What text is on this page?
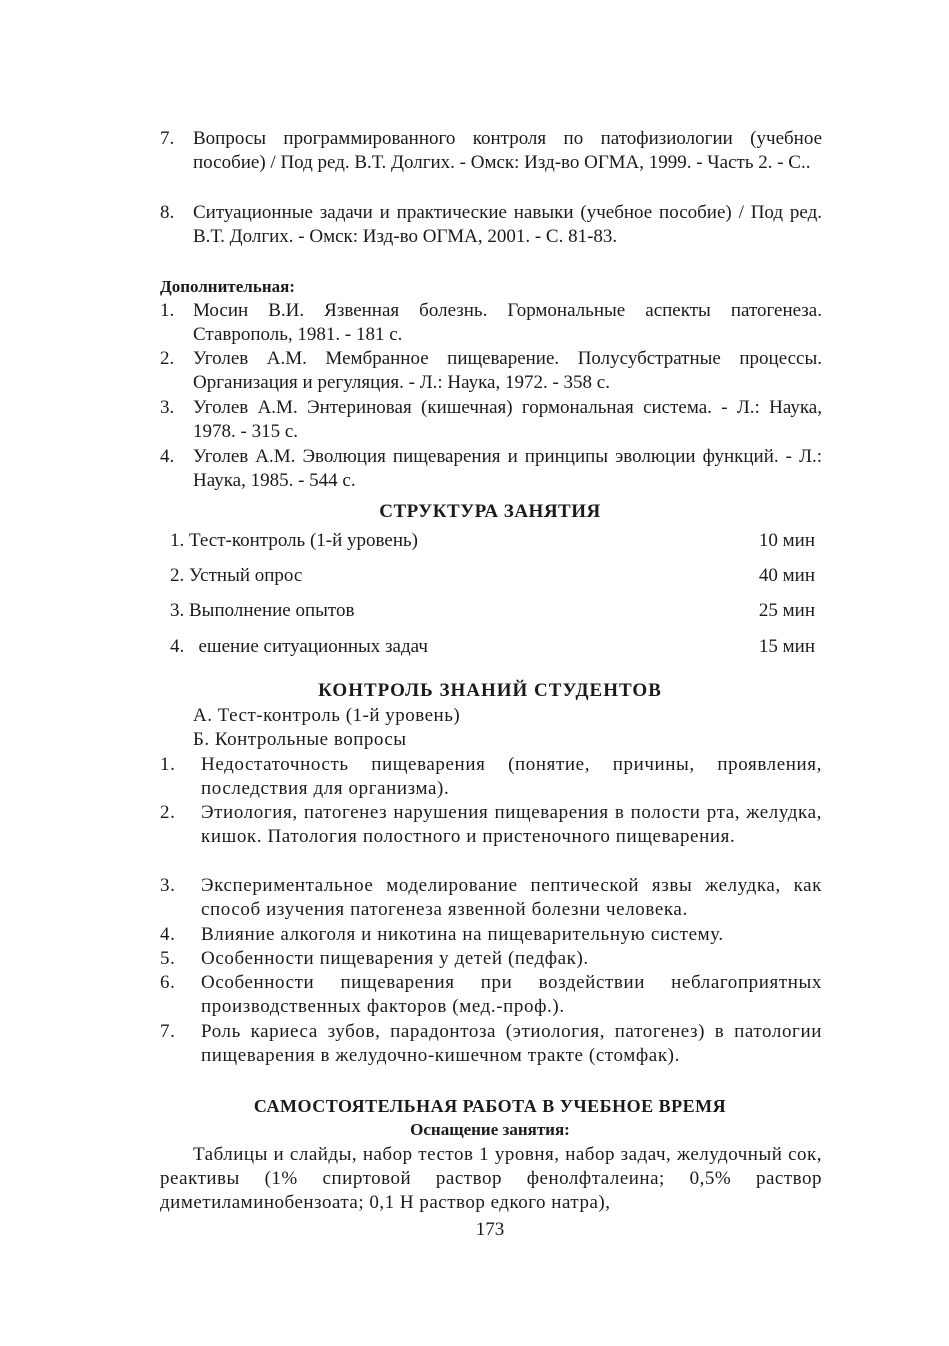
7. Вопросы программированного контроля по патофизиологии (учебное пособие) / Под ред. В.Т. Долгих. - Омск: Изд-во ОГМА, 1999. - Часть 2. - С..
8. Ситуационные задачи и практические навыки (учебное пособие) / Под ред. В.Т. Долгих. - Омск: Изд-во ОГМА, 2001. - С. 81-83.
Дополнительная:
1. Мосин В.И. Язвенная болезнь. Гормональные аспекты патогенеза. Ставрополь, 1981. - 181 с.
2. Уголев А.М. Мембранное пищеварение. Полусубстратные процессы. Организация и регуляция. - Л.: Наука, 1972. - 358 с.
3. Уголев А.М. Энтериновая (кишечная) гормональная система. - Л.: Наука, 1978. - 315 с.
4. Уголев А.М. Эволюция пищеварения и принципы эволюции функций. - Л.: Наука, 1985. - 544 с.
СТРУКТУРА ЗАНЯТИЯ
1. Тест-контроль (1-й уровень)	10 мин
2. Устный опрос	40 мин
3. Выполнение опытов	25 мин
4.   ешение ситуационных задач	15 мин
КОНТРОЛЬ ЗНАНИЙ СТУДЕНТОВ
А. Тест-контроль (1-й уровень)
Б. Контрольные вопросы
1.	Недостаточность пищеварения (понятие, причины, проявления, последствия для организма).
2.	Этиология, патогенез нарушения пищеварения в полости рта, желудка, кишок. Патология полостного и пристеночного пищеварения.
3.	Экспериментальное моделирование пептической язвы желудка, как способ изучения патогенеза язвенной болезни человека.
4.	Влияние алкоголя и никотина на пищеварительную систему.
5.	Особенности пищеварения у детей (педфак).
6.	Особенности пищеварения при воздействии неблагоприятных производственных факторов (мед.-проф.).
7.	Роль кариеса зубов, парадонтоза (этиология, патогенез) в патологии пищеварения в желудочно-кишечном тракте (стомфак).
САМОСТОЯТЕЛЬНАЯ РАБОТА В УЧЕБНОЕ ВРЕМЯ
Оснащение занятия:
Таблицы и слайды, набор тестов 1 уровня, набор задач, желудочный сок, реактивы (1% спиртовой раствор фенолфталеина; 0,5% раствор диметиламинобензоата; 0,1 Н раствор едкого натра),
173
